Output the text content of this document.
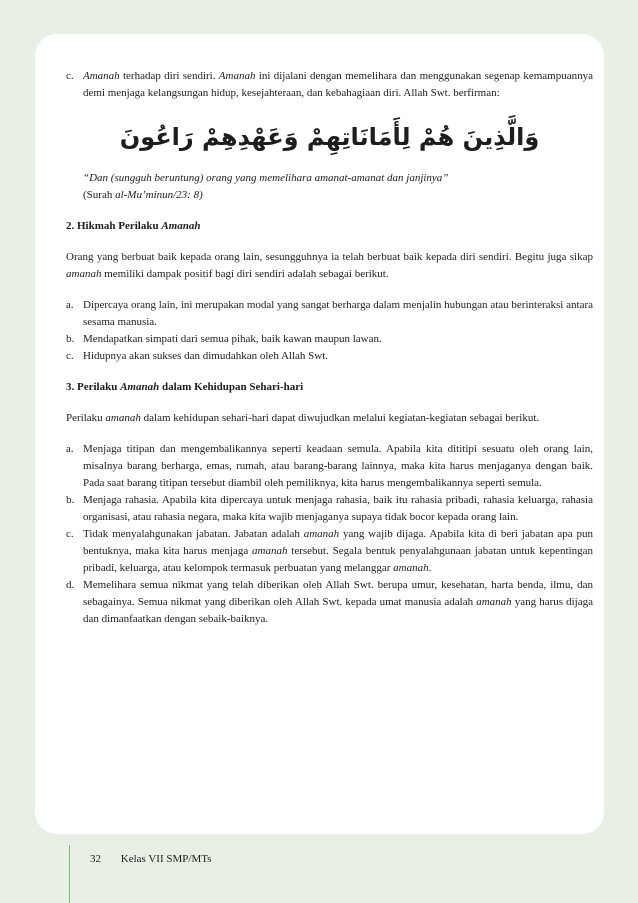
c. Amanah terhadap diri sendiri. Amanah ini dijalani dengan memelihara dan menggunakan segenap kemampuannya demi menjaga kelangsungan hidup, kesejahteraan, dan kebahagiaan diri. Allah Swt. berfirman:
وَالَّذِينَ هُمْ لِأَمَانَاتِهِمْ وَعَهْدِهِمْ رَاعُونَ
“Dan (sungguh beruntung) orang yang memelihara amanat-amanat dan janjinya”
(Surah al-Mu’minun/23: 8)
2. Hikmah Perilaku Amanah
Orang yang berbuat baik kepada orang lain, sesungguhnya ia telah berbuat baik kepada diri sendiri. Begitu juga sikap amanah memiliki dampak positif bagi diri sendiri adalah sebagai berikut.
a. Dipercaya orang lain, ini merupakan modal yang sangat berharga dalam menjalin hubungan atau berinteraksi antara sesama manusia.
b. Mendapatkan simpati dari semua pihak, baik kawan maupun lawan.
c. Hidupnya akan sukses dan dimudahkan oleh Allah Swt.
3. Perilaku Amanah dalam Kehidupan Sehari-hari
Perilaku amanah dalam kehidupan sehari-hari dapat diwujudkan melalui kegiatan-kegiatan sebagai berikut.
a. Menjaga titipan dan mengembalikannya seperti keadaan semula. Apabila kita dititipi sesuatu oleh orang lain, misalnya barang berharga, emas, rumah, atau barang-barang lainnya, maka kita harus menjaganya dengan baik. Pada saat barang titipan tersebut diambil oleh pemiliknya, kita harus mengembalikannya seperti semula.
b. Menjaga rahasia. Apabila kita dipercaya untuk menjaga rahasia, baik itu rahasia pribadi, rahasia keluarga, rahasia organisasi, atau rahasia negara, maka kita wajib menjaganya supaya tidak bocor kepada orang lain.
c. Tidak menyalahgunakan jabatan. Jabatan adalah amanah yang wajib dijaga. Apabila kita di beri jabatan apa pun bentuknya, maka kita harus menjaga amanah tersebut. Segala bentuk penyalahgunaan jabatan untuk kepentingan pribadi, keluarga, atau kelompok termasuk perbuatan yang melanggar amanah.
d. Memelihara semua nikmat yang telah diberikan oleh Allah Swt. berupa umur, kesehatan, harta benda, ilmu, dan sebagainya. Semua nikmat yang diberikan oleh Allah Swt. kepada umat manusia adalah amanah yang harus dijaga dan dimanfaatkan dengan sebaik-baiknya.
32 Kelas VII SMP/MTs
